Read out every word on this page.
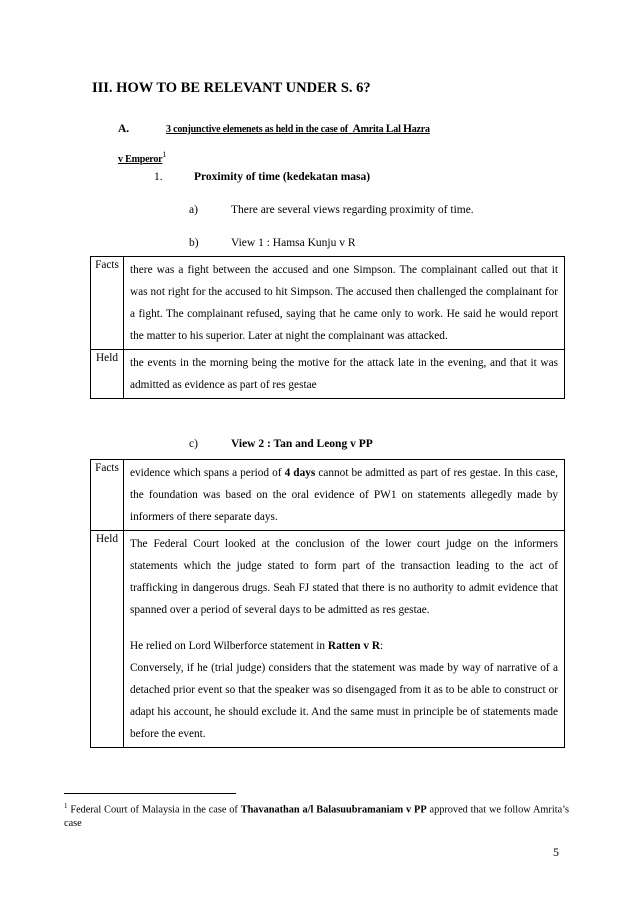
III. HOW TO BE RELEVANT UNDER S. 6?
A.	3 conjunctive elemenets as held in the case of Amrita Lal Hazra
v Emperor$^1$
1.	Proximity of time (kedekatan masa)
a)	There are several views regarding proximity of time.
b)	View 1 : Hamsa Kunju v R
Facts	there was a fight between the accused and one Simpson. The complainant called out that it was not right for the accused to hit Simpson. The accused then challenged the complainant for a fight. The complainant refused, saying that he came only to work. He said he would report the matter to his superior. Later at night the complainant was attacked.
Held	the events in the morning being the motive for the attack late in the evening, and that it was admitted as evidence as part of res gestae
c)	View 2 : Tan and Leong v PP
Facts	evidence which spans a period of 4 days cannot be admitted as part of res gestae. In this case, the foundation was based on the oral evidence of PW1 on statements allegedly made by informers of there separate days.
Held	The Federal Court looked at the conclusion of the lower court judge on the informers statements which the judge stated to form part of the transaction leading to the act of trafficking in dangerous drugs. Seah FJ stated that there is no authority to admit evidence that spanned over a period of several days to be admitted as res gestae.
He relied on Lord Wilberforce statement in Ratten v R:
Conversely, if he (trial judge) considers that the statement was made by way of narrative of a detached prior event so that the speaker was so disengaged from it as to be able to construct or adapt his account, he should exclude it. And the same must in principle be of statements made before the event.
$^1$ Federal Court of Malaysia in the case of Thavanathan a/l Balasuubramaniam v PP approved that we follow Amrita’s case
5
